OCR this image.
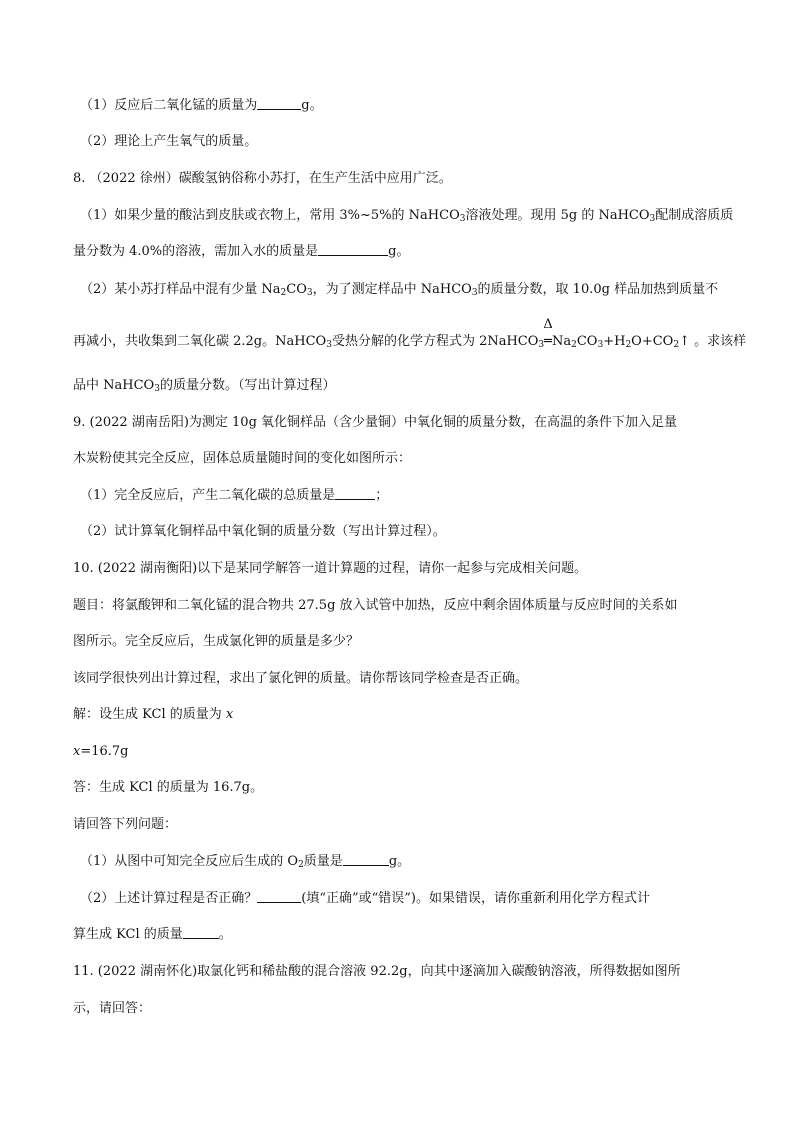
（1）反应后二氧化锰的质量为	g。
（2）理论上产生氧气的质量。
8. （2022 徐州）碳酸氢钠俗称小苏打，在生产生活中应用广泛。
（1）如果少量的酸沾到皮肤或衣物上，常用 3%~5%的 NaHCO$_3$溶液处理。现用 5g 的 NaHCO$_3$配制成溶质质
量分数为 4.0%的溶液，需加入水的质量是	g。
（2）某小苏打样品中混有少量 $Na_2CO_3$，为了测定样品中 NaHCO$_3$的质量分数，取 10.0g 样品加热到质量不
再减小，共收集到二氧化碳 2.2g。NaHCO$_3$受热分解的化学方程式为 2NaHCO$_3$
Δ
$═Na_2CO_3+H_2O+CO_2↑$ 。求该样
品中 NaHCO$_3$的质量分数。（写出计算过程）
9. (2022 湖南岳阳)为测定 10g 氧化铜样品（含少量铜）中氧化铜的质量分数，在高温的条件下加入足量
木炭粉使其完全反应，固体总质量随时间的变化如图所示：
（1）完全反应后，产生二氧化碳的总质量是	；
（2）试计算氧化铜样品中氧化铜的质量分数（写出计算过程）。
10. (2022 湖南衡阳)以下是某同学解答一道计算题的过程，请你一起参与完成相关问题。
题目：将氯酸钾和二氧化锰的混合物共 27.5g 放入试管中加热，反应中剩余固体质量与反应时间的关系如
图所示。完全反应后，生成氯化钾的质量是多少？
该同学很快列出计算过程，求出了氯化钾的质量。请你帮该同学检查是否正确。
解：设生成 KCl 的质量为 x
x=16.7g
答：生成 KCl 的质量为 16.7g。
请回答下列问题：
（1）从图中可知完全反应后生成的 $O_2$质量是	g。
（2）上述计算过程是否正确？	(填“正确”或“错误”)。如果错误，请你重新利用化学方程式计
算生成 KCl 的质量	。
11. (2022 湖南怀化)取氯化钙和稀盐酸的混合溶液 92.2g，向其中逐滴加入碳酸钠溶液，所得数据如图所
示，请回答：
